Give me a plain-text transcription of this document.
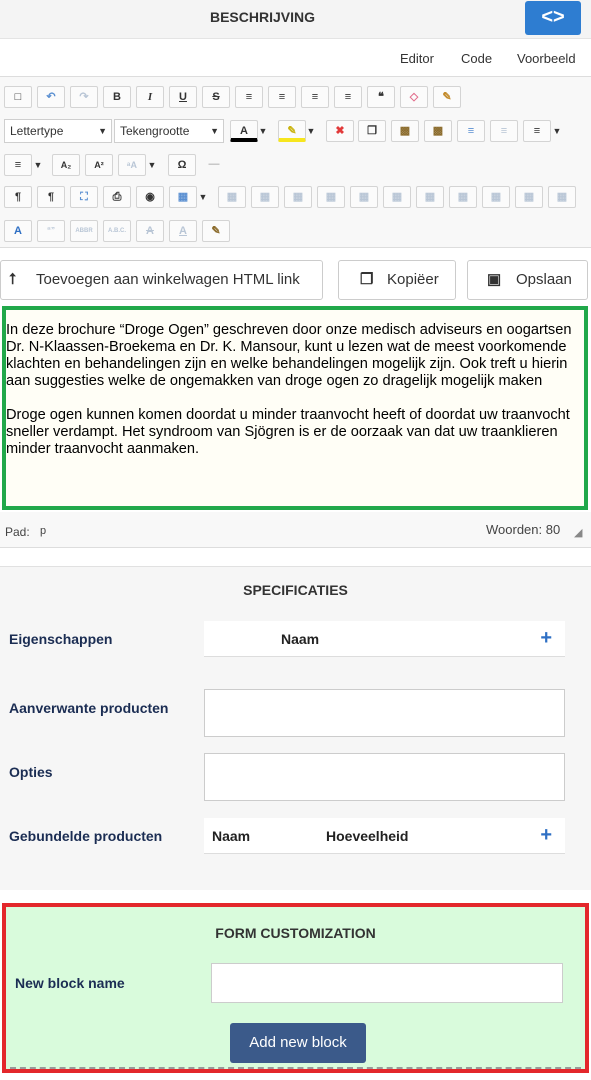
BESCHRIJVING	<>
Editor Code Voorbeeld
□	↶	↷	B	I	U	S	≡	≡	≡	≡	❝	◇	✎
Lettertype	▼	Tekengrootte ▼	A	▼	✎	▼	✖	❐	▩	▩	≡	≡	≡	▼
≡	▼	A₂	A²	ᵃA	▼	Ω	—
¶	¶	⛶	⎙	◉	▦	▼	▦	▦	▦	▦	▦	▦	▦	▦	▦	▦	▦
A	“”	ABBR	A.B.C.	A	A	✎
⭡ Toevoegen aan winkelwagen HTML link	❐ Kopiëer	▣ Opslaan

In deze brochure “Droge Ogen” geschreven door onze medisch adviseurs en oogartsen Dr. N-Klaassen-Broekema en Dr. K. Mansour, kunt u lezen wat de meest voorkomende klachten en behandelingen zijn en welke behandelingen mogelijk zijn. Ook treft u hierin aan suggesties welke de ongemakken van droge ogen zo dragelijk mogelijk maken

Droge ogen kunnen komen doordat u minder traanvocht heeft of doordat uw traanvocht sneller verdampt. Het syndroom van Sjögren is er de oorzaak van dat uw traanklieren minder traanvocht aanmaken.

Pad: p	Woorden: 80 ◢
SPECIFICATIES
Eigenschappen	Naam	+
Aanverwante producten
Opties
Gebundelde producten	Naam	Hoeveelheid	+
FORM CUSTOMIZATION
New block name
Add new block
